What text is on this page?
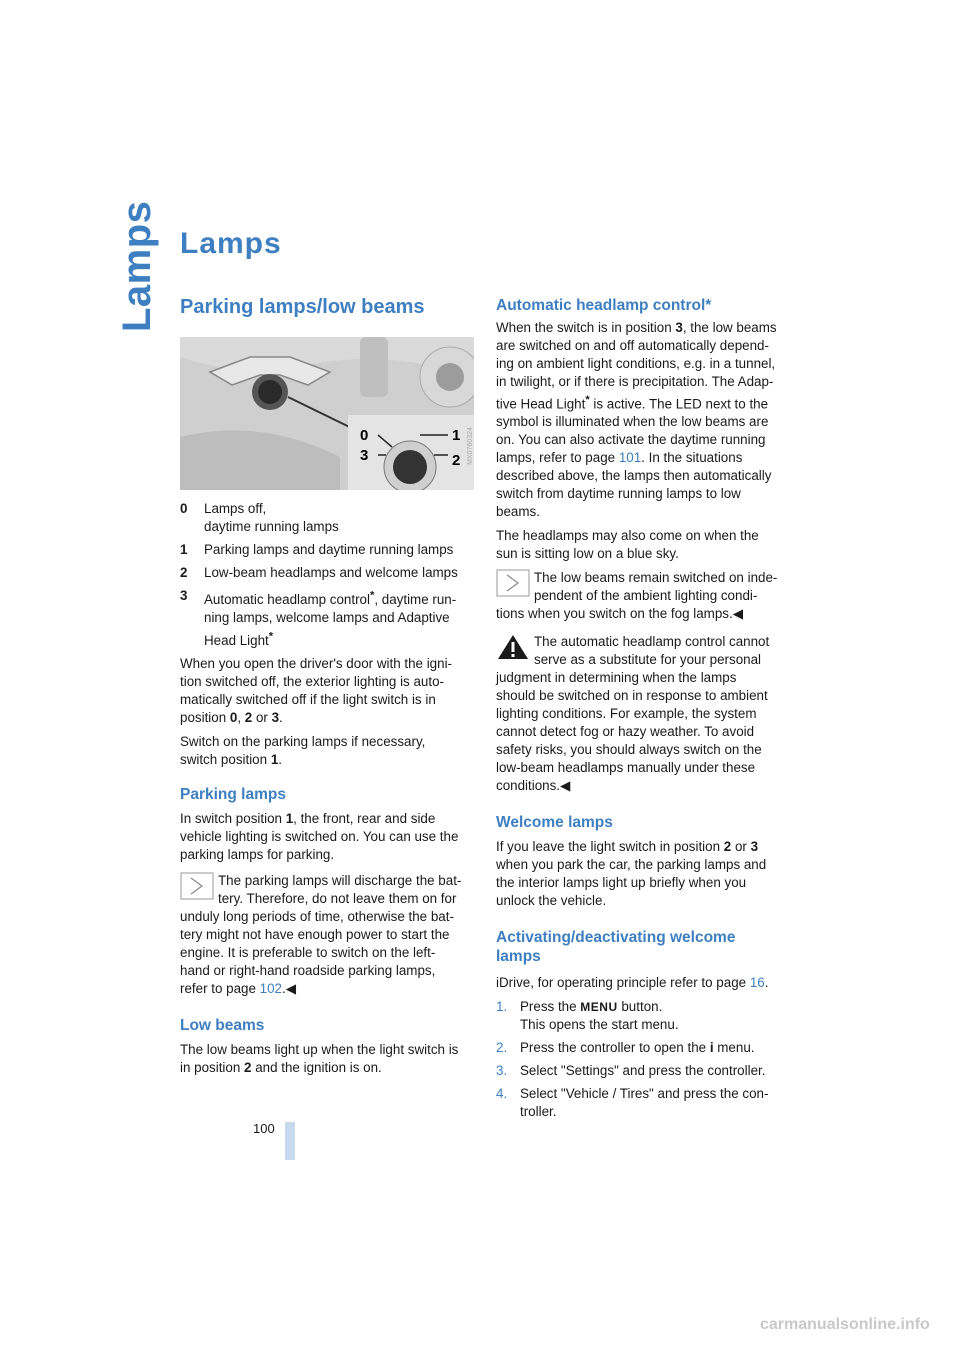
Lamps Lamps
Parking lamps/low beams
0	1
3	2 MX0760324
0 Lamps off,
daytime running lamps
1 Parking lamps and daytime running lamps
2 Low-beam headlamps and welcome lamps
3 Automatic headlamp control*, daytime run-
ning lamps, welcome lamps and Adaptive
Head Light*

When you open the driver's door with the igni-
tion switched off, the exterior lighting is auto-
matically switched off if the light switch is in
position 0, 2 or 3.

Switch on the parking lamps if necessary,
switch position 1.

Parking lamps

In switch position 1, the front, rear and side
vehicle lighting is switched on. You can use the
parking lamps for parking.

The parking lamps will discharge the bat-
tery. Therefore, do not leave them on for
unduly long periods of time, otherwise the bat-
tery might not have enough power to start the
engine. It is preferable to switch on the left-
hand or right-hand roadside parking lamps,
refer to page 102.◀

Low beams

The low beams light up when the light switch is
in position 2 and the ignition is on.

Automatic headlamp control*

When the switch is in position 3, the low beams
are switched on and off automatically depend-
ing on ambient light conditions, e.g. in a tunnel,
in twilight, or if there is precipitation. The Adap-
tive Head Light* is active. The LED next to the
symbol is illuminated when the low beams are
on. You can also activate the daytime running
lamps, refer to page 101. In the situations
described above, the lamps then automatically
switch from daytime running lamps to low
beams.

The headlamps may also come on when the
sun is sitting low on a blue sky.

The low beams remain switched on inde-
pendent of the ambient lighting condi-
tions when you switch on the fog lamps.◀

The automatic headlamp control cannot
serve as a substitute for your personal
judgment in determining when the lamps
should be switched on in response to ambient
lighting conditions. For example, the system
cannot detect fog or hazy weather. To avoid
safety risks, you should always switch on the
low-beam headlamps manually under these
conditions.◀

Welcome lamps

If you leave the light switch in position 2 or 3
when you park the car, the parking lamps and
the interior lamps light up briefly when you
unlock the vehicle.

Activating/deactivating welcome
lamps

iDrive, for operating principle refer to page 16.

1. Press the MENU button.
This opens the start menu.
2. Press the controller to open the i menu.
3. Select "Settings" and press the controller.
4. Select "Vehicle / Tires" and press the con-
troller.
100
carmanualsonline.info
